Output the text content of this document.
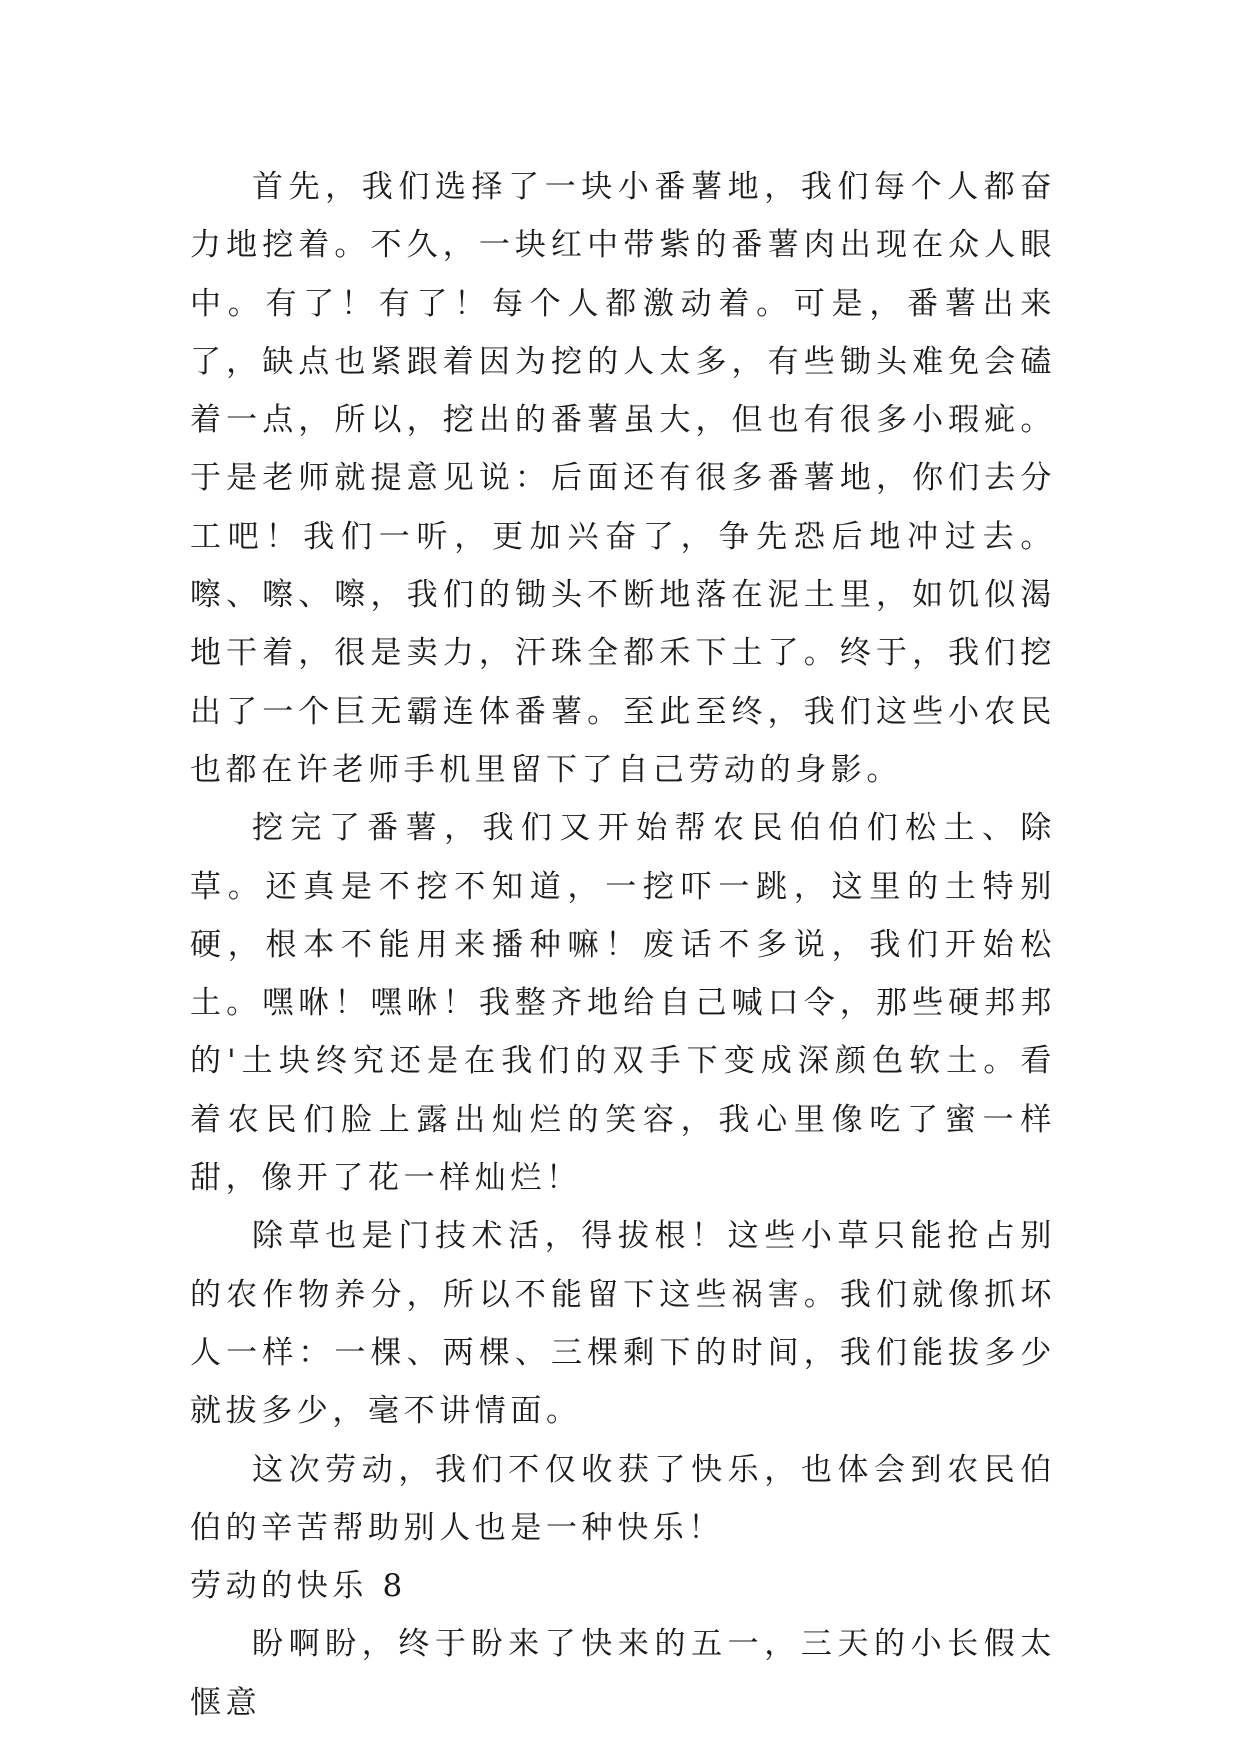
首先，我们选择了一块小番薯地，我们每个人都奋力地挖着。不久，一块红中带紫的番薯肉出现在众人眼中。有了！有了！每个人都激动着。可是，番薯出来了，缺点也紧跟着因为挖的人太多，有些锄头难免会磕着一点，所以，挖出的番薯虽大，但也有很多小瑕疵。于是老师就提意见说：后面还有很多番薯地，你们去分工吧！我们一听，更加兴奋了，争先恐后地冲过去。嚓、嚓、嚓，我们的锄头不断地落在泥土里，如饥似渴地干着，很是卖力，汗珠全都禾下土了。终于，我们挖出了一个巨无霸连体番薯。至此至终，我们这些小农民也都在许老师手机里留下了自己劳动的身影。

挖完了番薯，我们又开始帮农民伯伯们松土、除草。还真是不挖不知道，一挖吓一跳，这里的土特别硬，根本不能用来播种嘛！废话不多说，我们开始松土。嘿咻！嘿咻！我整齐地给自己喊口令，那些硬邦邦的'土块终究还是在我们的双手下变成深颜色软土。看着农民们脸上露出灿烂的笑容，我心里像吃了蜜一样甜，像开了花一样灿烂！

除草也是门技术活，得拔根！这些小草只能抢占别的农作物养分，所以不能留下这些祸害。我们就像抓坏人一样：一棵、两棵、三棵剩下的时间，我们能拔多少就拔多少，毫不讲情面。

这次劳动，我们不仅收获了快乐，也体会到农民伯伯的辛苦帮助别人也是一种快乐！

劳动的快乐 8

盼啊盼，终于盼来了快来的五一，三天的小长假太惬意
